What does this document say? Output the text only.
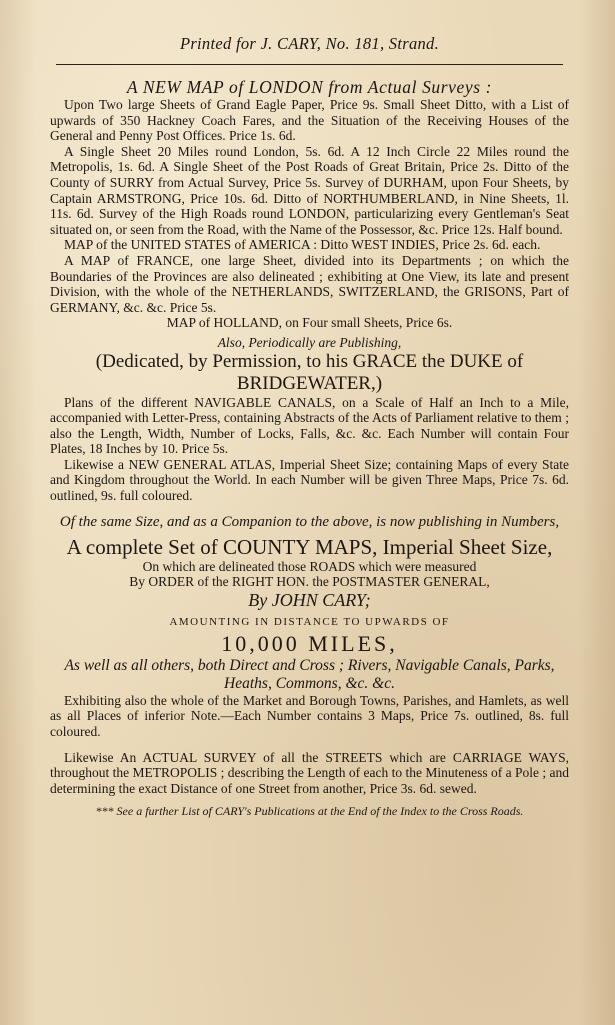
Printed for J. CARY, No. 181, Strand.
A NEW MAP of LONDON from Actual Surveys :

Upon Two large Sheets of Grand Eagle Paper, Price 9s. Small Sheet Ditto, with a List of upwards of 350 Hackney Coach Fares, and the Situation of the Receiving Houses of the General and Penny Post Offices. Price 1s. 6d.

A Single Sheet 20 Miles round London, 5s. 6d. A 12 Inch Circle 22 Miles round the Metropolis, 1s. 6d. A Single Sheet of the Post Roads of Great Britain, Price 2s. Ditto of the County of SURRY from Actual Survey, Price 5s. Survey of DURHAM, upon Four Sheets, by Captain ARMSTRONG, Price 10s. 6d. Ditto of NORTHUMBERLAND, in Nine Sheets, 1l. 11s. 6d. Survey of the High Roads round LONDON, particularizing every Gentleman's Seat situated on, or seen from the Road, with the Name of the Possessor, &c. Price 12s. Half bound.

MAP of the UNITED STATES of AMERICA : Ditto WEST INDIES, Price 2s. 6d. each.

A MAP of FRANCE, one large Sheet, divided into its Departments ; on which the Boundaries of the Provinces are also delineated ; exhibiting at One View, its late and present Division, with the whole of the NETHERLANDS, SWITZERLAND, the GRISONS, Part of GERMANY, &c. &c. Price 5s.

MAP of HOLLAND, on Four small Sheets, Price 6s.

Also, Periodically are Publishing,

(Dedicated, by Permission, to his GRACE the DUKE of BRIDGEWATER,)

Plans of the different NAVIGABLE CANALS, on a Scale of Half an Inch to a Mile, accompanied with Letter-Press, containing Abstracts of the Acts of Parliament relative to them ; also the Length, Width, Number of Locks, Falls, &c. &c. Each Number will contain Four Plates, 18 Inches by 10. Price 5s.

Likewise a NEW GENERAL ATLAS, Imperial Sheet Size; containing Maps of every State and Kingdom throughout the World. In each Number will be given Three Maps, Price 7s. 6d. outlined, 9s. full coloured.

Of the same Size, and as a Companion to the above, is now publishing in Numbers,

A complete Set of COUNTY MAPS, Imperial Sheet Size,

On which are delineated those ROADS which were measured

By ORDER of the RIGHT HON. the POSTMASTER GENERAL,

By JOHN CARY;

AMOUNTING IN DISTANCE TO UPWARDS OF

10,000 MILES,

As well as all others, both Direct and Cross ; Rivers, Navigable Canals, Parks, Heaths, Commons, &c. &c.

Exhibiting also the whole of the Market and Borough Towns, Parishes, and Hamlets, as well as all Places of inferior Note.—Each Number contains 3 Maps, Price 7s. outlined, 8s. full coloured.

Likewise An ACTUAL SURVEY of all the STREETS which are CARRIAGE WAYS, throughout the METROPOLIS ; describing the Length of each to the Minuteness of a Pole ; and determining the exact Distance of one Street from another, Price 3s. 6d. sewed.

*** See a further List of CARY's Publications at the End of the Index to the Cross Roads.
